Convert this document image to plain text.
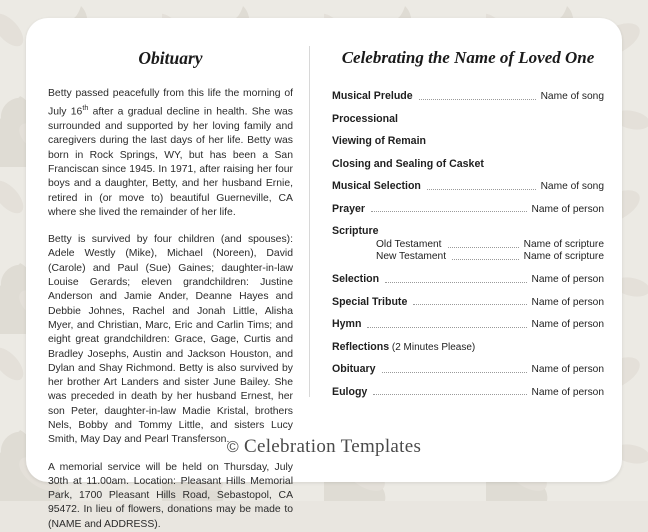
Obituary
Betty passed peacefully from this life the morning of July 16th after a gradual decline in health. She was surrounded and supported by her loving family and caregivers during the last days of her life. Betty was born in Rock Springs, WY, but has been a San Franciscan since 1945. In 1971, after raising her four boys and a daughter, Betty, and her husband Ernie, retired in (or move to) beautiful Guerneville, CA where she lived the remainder of her life.
Betty is survived by four children (and spouses): Adele Westly (Mike), Michael (Noreen), David (Carole) and Paul (Sue) Gaines; daughter-in-law Louise Gerards; eleven grandchildren: Justine Anderson and Jamie Ander, Deanne Hayes and Debbie Johnes, Rachel and Jonah Little, Alisha Myer, and Christian, Marc, Eric and Carlin Tims; and eight great grandchildren: Grace, Gage, Curtis and Bradley Josephs, Austin and Jackson Houston, and Dylan and Shay Richmond. Betty is also survived by her brother Art Landers and sister June Bailey. She was preceded in death by her husband Ernest, her son Peter, daughter-in-law Madie Kristal, brothers Nels, Bobby and Tommy Little, and sisters Lucy Smith, May Day and Pearl Transferson.
A memorial service will be held on Thursday, July 30th at 11.00am. Location: Pleasant Hills Memorial Park, 1700 Pleasant Hills Road, Sebastopol, CA 95472. In lieu of flowers, donations may be made to (NAME and ADDRESS).
Celebrating the Name of Loved One
Musical Prelude	Name of song
Processional
Viewing of Remain
Closing and Sealing of Casket
Musical Selection	Name of song
Prayer	Name of person
Scripture
Old Testament	Name of scripture
New Testament	Name of scripture
Selection	Name of person
Special Tribute	Name of person
Hymn	Name of person
Reflections (2 Minutes Please)
Obituary	Name of person
Eulogy	Name of person
© Celebration Templates
